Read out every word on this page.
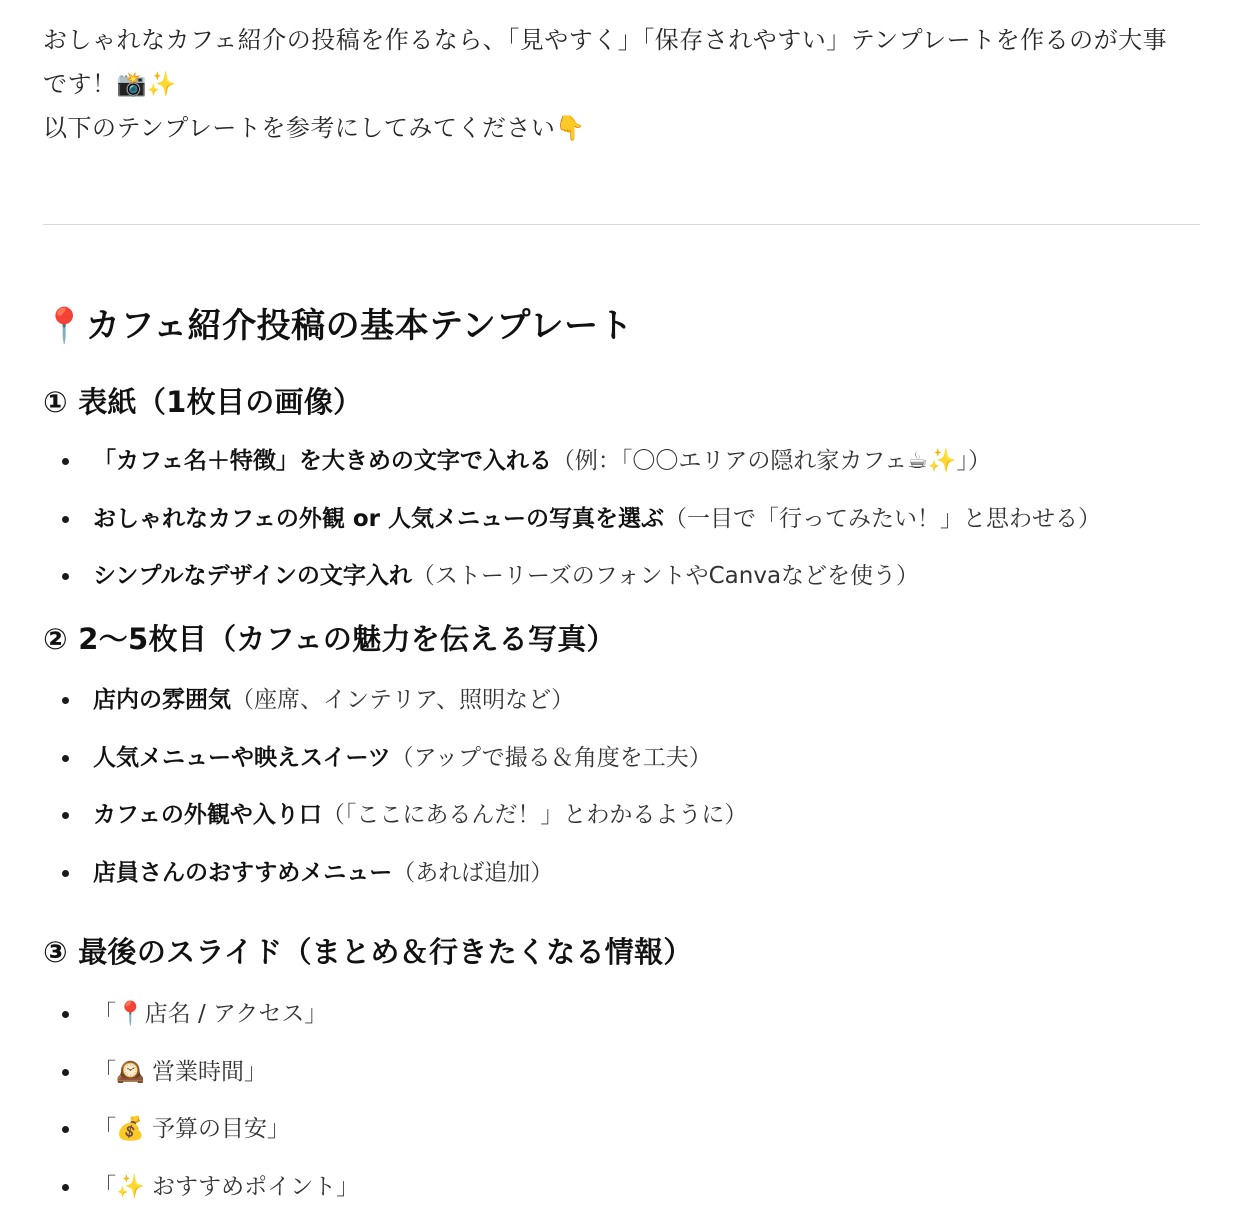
おしゃれなカフェ紹介の投稿を作るなら、「見やすく」「保存されやすい」テンプレートを作るのが大事

です！📸✨

以下のテンプレートを参考にしてみてください👇

📍カフェ紹介投稿の基本テンプレート
① 表紙（1枚目の画像）
「カフェ名＋特徴」を大きめの文字で入れる（例：「〇〇エリアの隠れ家カフェ☕✨」）
おしゃれなカフェの外観 or 人気メニューの写真を選ぶ（一目で「行ってみたい！」と思わせる）
シンプルなデザインの文字入れ（ストーリーズのフォントやCanvaなどを使う）
② 2〜5枚目（カフェの魅力を伝える写真）
店内の雰囲気（座席、インテリア、照明など）
人気メニューや映えスイーツ（アップで撮る＆角度を工夫）
カフェの外観や入り口（「ここにあるんだ！」とわかるように）
店員さんのおすすめメニュー（あれば追加）
③ 最後のスライド（まとめ＆行きたくなる情報）
「📍店名 / アクセス」
「🕰️ 営業時間」
「💰 予算の目安」
「✨ おすすめポイント」
